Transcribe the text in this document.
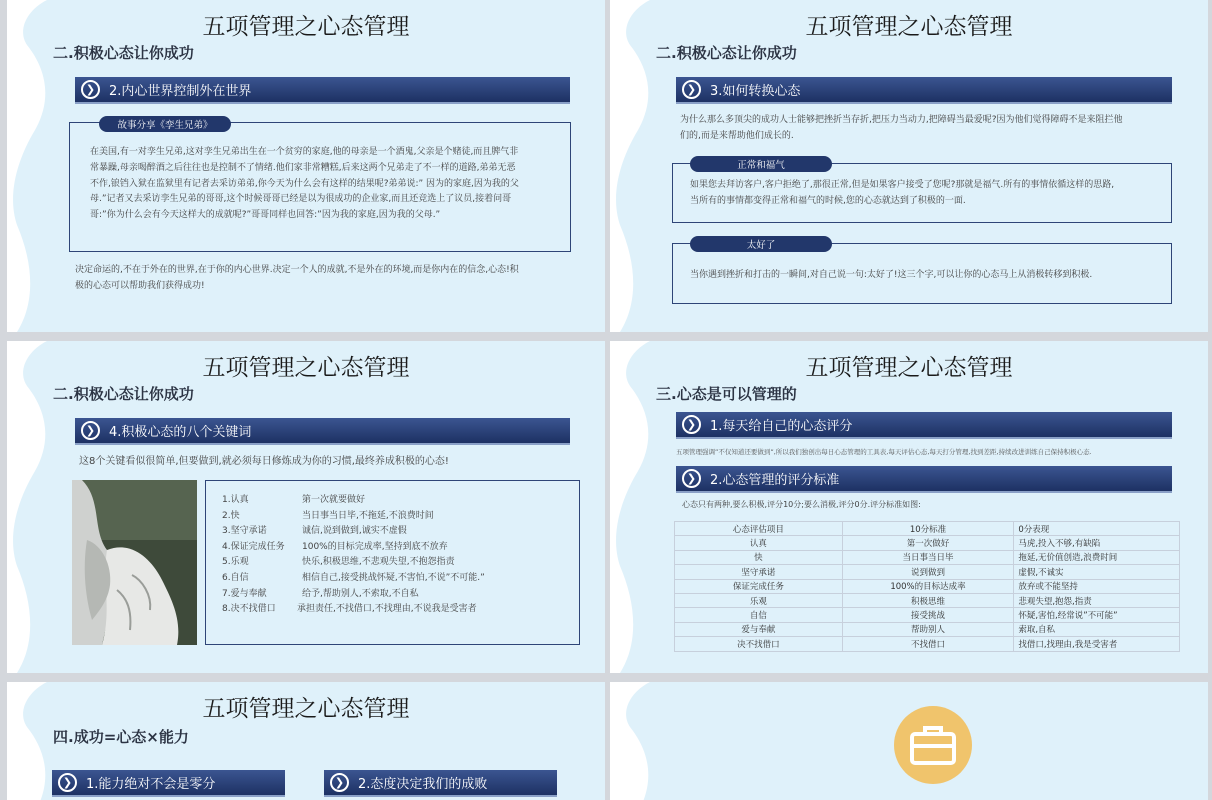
五项管理之心态管理
二.积极心态让你成功
❯	2.内心世界控制外在世界
故事分享《孪生兄弟》
在美国,有一对孪生兄弟,这对孪生兄弟出生在一个贫穷的家庭,他的母亲是一个酒鬼,父亲是个赌徒,而且脾气非
常暴躁,母亲喝醉酒之后往往也是控制不了情绪.他们家非常糟糕,后来这两个兄弟走了不一样的道路,弟弟无恶
不作,锒铛入狱在监狱里有记者去采访弟弟,你今天为什么会有这样的结果呢?弟弟说:” 因为的家庭,因为我的父
母.”记者又去采访孪生兄弟的哥哥,这个时候哥哥已经是以为很成功的企业家,而且还竞选上了议员,接着问哥
哥:”你为什么会有今天这样大的成就呢?”哥哥同样也回答:”因为我的家庭,因为我的父母.”
决定命运的,不在于外在的世界,在于你的内心世界.决定一个人的成就,不是外在的环境,而是你内在的信念,心态!积
极的心态可以帮助我们获得成功!
五项管理之心态管理
二.积极心态让你成功
❯	3.如何转换心态
为什么那么多顶尖的成功人士能够把挫折当存折,把压力当动力,把障碍当最爱呢?因为他们觉得障碍不是来阻拦他
们的,而是来帮助他们成长的.
正常和福气
如果您去拜访客户,客户拒绝了,那很正常,但是如果客户接受了您呢?那就是福气.所有的事情依循这样的思路,
当所有的事情都变得正常和福气的时候,您的心态就达到了积极的一面.
太好了
当你遇到挫折和打击的一瞬间,对自己说一句:太好了!这三个字,可以让你的心态马上从消极转移到积极.
五项管理之心态管理
二.积极心态让你成功
❯	4.积极心态的八个关键词
这8个关键看似很简单,但要做到,就必须每日修炼成为你的习惯,最终养成积极的心态!
1.认真	第一次就要做好
2.快	当日事当日毕,不拖延,不浪费时间
3.坚守承诺	诚信,说到做到,诚实不虚假
4.保证完成任务 100%的目标完成率,坚持到底不放弃
5.乐观	快乐,积极思维,不悲观失望,不抱怨指责
6.自信	相信自己,接受挑战怀疑,不害怕,不说”不可能.”
7.爱与奉献	给予,帮助别人,不索取,不自私
8.决不找借口 承担责任,不找借口,不找理由,不说我是受害者
五项管理之心态管理
三.心态是可以管理的
❯	1.每天给自己的心态评分
五项管理强调”不仅知道还要做到”,所以我们独创出每日心态管理的工具表,每天评估心态,每天打分管理,找到差距,持续改进训练自己保持积极心态.
❯	2.心态管理的评分标准
心态只有两种,要么积极,评分10分;要么消极,评分0分.评分标准如图:
心态评估项目	10分标准	0分表现
认真	第一次做好	马虎,投入不够,有缺陷
快	当日事当日毕	拖延,无价值创造,浪费时间
坚守承诺	说到做到	虚假,不诚实
保证完成任务	100%的目标达成率	放弃或不能坚持
乐观	积极思维	悲观失望,抱怨,指责
自信	接受挑战	怀疑,害怕,经常说”不可能”
爱与奉献	帮助别人	索取,自私
决不找借口	不找借口	找借口,找理由,我是受害者
五项管理之心态管理
四.成功=心态×能力
❯	1.能力绝对不会是零分	❯	2.态度决定我们的成败
